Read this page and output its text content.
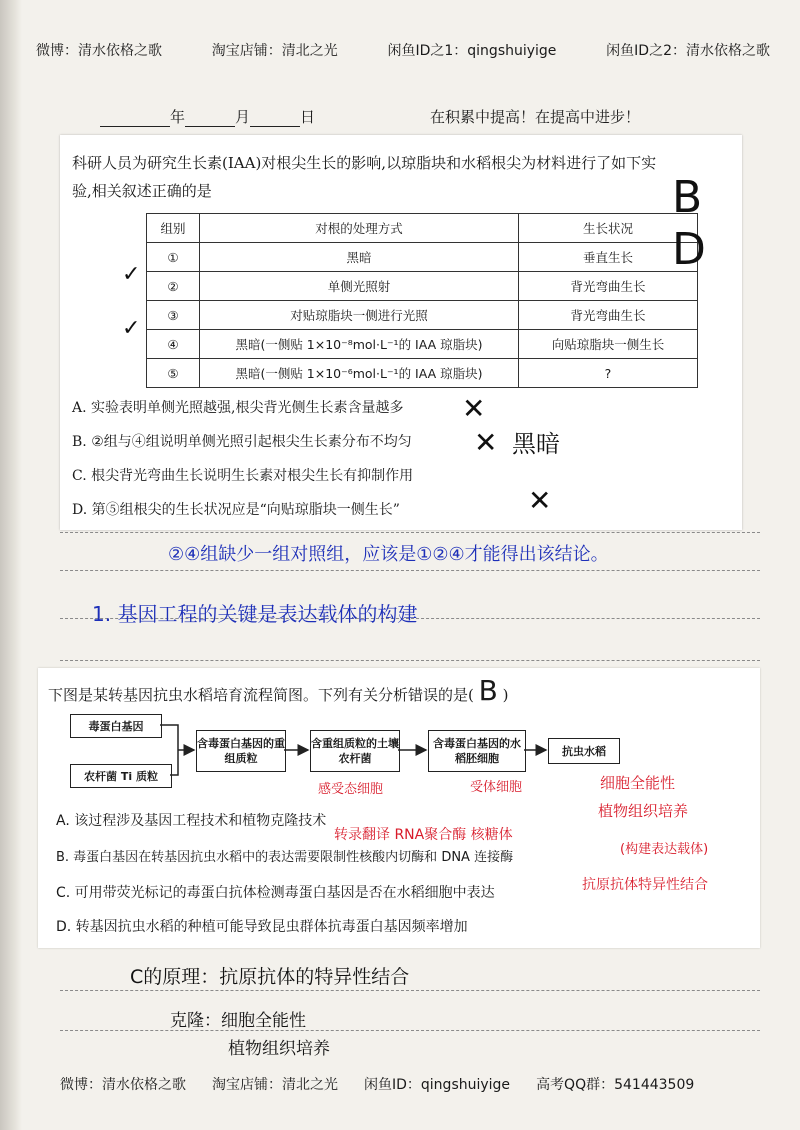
微博：清水依格之歌	淘宝店铺：清北之光	闲鱼ID之1：qingshuiyige	闲鱼ID之2：清水依格之歌
年	月	日	在积累中提高！在提高中进步！
科研人员为研究生长素(IAA)对根尖生长的影响,以琼脂块和水稻根尖为材料进行了如下实
验,相关叙述正确的是
组别	对根的处理方式	生长状况
①	黑暗	垂直生长
②	单侧光照射	背光弯曲生长
③	对贴琼脂块一侧进行光照	背光弯曲生长
④	黑暗(一侧贴 1×10⁻⁸mol·L⁻¹的 IAA 琼脂块)	向贴琼脂块一侧生长
⑤	黑暗(一侧贴 1×10⁻⁶mol·L⁻¹的 IAA 琼脂块)	?
A. 实验表明单侧光照越强,根尖背光侧生长素含量越多
B. ②组与④组说明单侧光照引起根尖生长素分布不均匀
C. 根尖背光弯曲生长说明生长素对根尖生长有抑制作用
D. 第⑤组根尖的生长状况应是“向贴琼脂块一侧生长”
B D
✓
✓
✕
✕ 黑暗
✕
②④组缺少一组对照组，应该是①②④才能得出该结论。
1. 基因工程的关键是表达载体的构建
下图是某转基因抗虫水稻培育流程简图。下列有关分析错误的是( B )
毒蛋白基因
农杆菌 Ti 质粒
含毒蛋白基因的重组质粒
含重组质粒的土壤农杆菌
含毒蛋白基因的水稻胚细胞
抗虫水稻
A. 该过程涉及基因工程技术和植物克隆技术
B. 毒蛋白基因在转基因抗虫水稻中的表达需要限制性核酸内切酶和 DNA 连接酶
C. 可用带荧光标记的毒蛋白抗体检测毒蛋白基因是否在水稻细胞中表达
D. 转基因抗虫水稻的种植可能导致昆虫群体抗毒蛋白基因频率增加
感受态细胞	受体细胞	细胞全能性
植物组织培养
转录翻译 RNA聚合酶 核糖体
(构建表达载体)
抗原抗体特异性结合
C的原理：抗原抗体的特异性结合
克隆：细胞全能性
植物组织培养
微博：清水依格之歌 淘宝店铺：清北之光 闲鱼ID：qingshuiyige 高考QQ群：541443509
